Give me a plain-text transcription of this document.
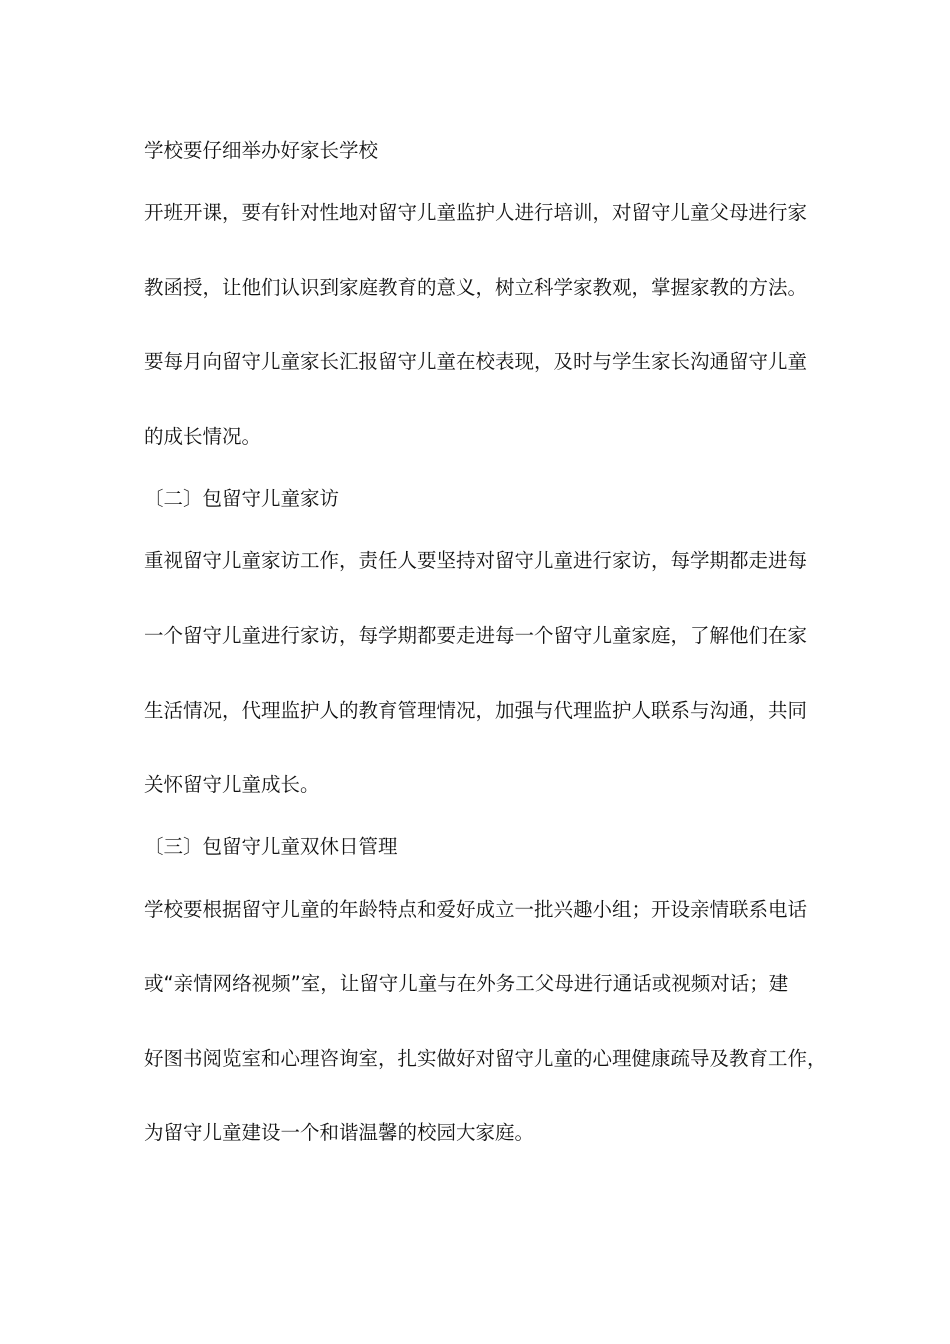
学校要仔细举办好家长学校
开班开课，要有针对性地对留守儿童监护人进行培训，对留守儿童父母进行家
教函授，让他们认识到家庭教育的意义，树立科学家教观，掌握家教的方法。
要每月向留守儿童家长汇报留守儿童在校表现，及时与学生家长沟通留守儿童
的成长情况。
〔二〕包留守儿童家访
重视留守儿童家访工作，责任人要坚持对留守儿童进行家访，每学期都走进每
一个留守儿童进行家访，每学期都要走进每一个留守儿童家庭，了解他们在家
生活情况，代理监护人的教育管理情况，加强与代理监护人联系与沟通，共同
关怀留守儿童成长。
〔三〕包留守儿童双休日管理
学校要根据留守儿童的年龄特点和爱好成立一批兴趣小组；开设亲情联系电话
或“亲情网络视频”室，让留守儿童与在外务工父母进行通话或视频对话；建
好图书阅览室和心理咨询室，扎实做好对留守儿童的心理健康疏导及教育工作，
为留守儿童建设一个和谐温馨的校园大家庭。
